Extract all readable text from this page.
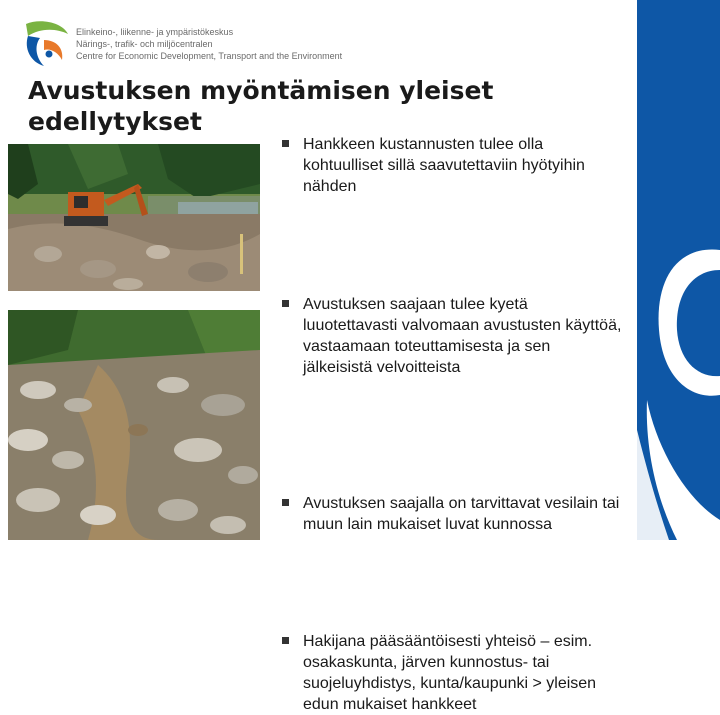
Elinkeino-, liikenne- ja ympäristökeskus
Närings-, trafik- och miljöcentralen
Centre for Economic Development, Transport and the Environment
Avustuksen myöntämisen yleiset edellytykset
Hankkeen kustannusten tulee olla kohtuulliset sillä saavutettaviin hyötyihin nähden
Avustuksen saajaan tulee kyetä luuotettavasti valvomaan avustusten käyttöä, vastaamaan toteuttamisesta ja sen jälkeisistä velvoitteista
Avustuksen saajalla on tarvittavat vesilain tai muun lain mukaiset luvat kunnossa
Hakijana pääsääntöisesti yhteisö – esim. osakaskunta, järven kunnostus- tai suojeluyhdistys, kunta/kaupunki > yleisen edun mukaiset hankkeet
